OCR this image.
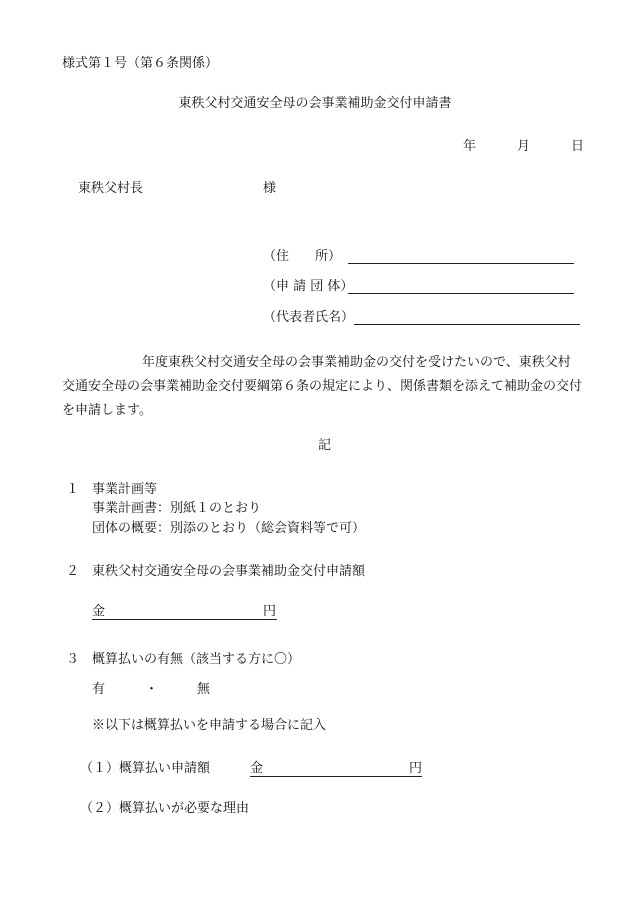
様式第１号（第６条関係）
東秩父村交通安全母の会事業補助金交付申請書
年	月	日
東秩父村長	様
（住　　所）
（申 請 団 体）
（代表者氏名）
年度東秩父村交通安全母の会事業補助金の交付を受けたいので、東秩父村交通安全母の会事業補助金交付要綱第６条の規定により、関係書類を添えて補助金の交付を申請します。
記
１ 事業計画等
事業計画書：別紙１のとおり
団体の概要：別添のとおり（総会資料等で可）
２ 東秩父村交通安全母の会事業補助金交付申請額
金	円
３ 概算払いの有無（該当する方に〇）
有	・	無
※以下は概算払いを申請する場合に記入
（１）概算払い申請額	金	円
（２）概算払いが必要な理由
